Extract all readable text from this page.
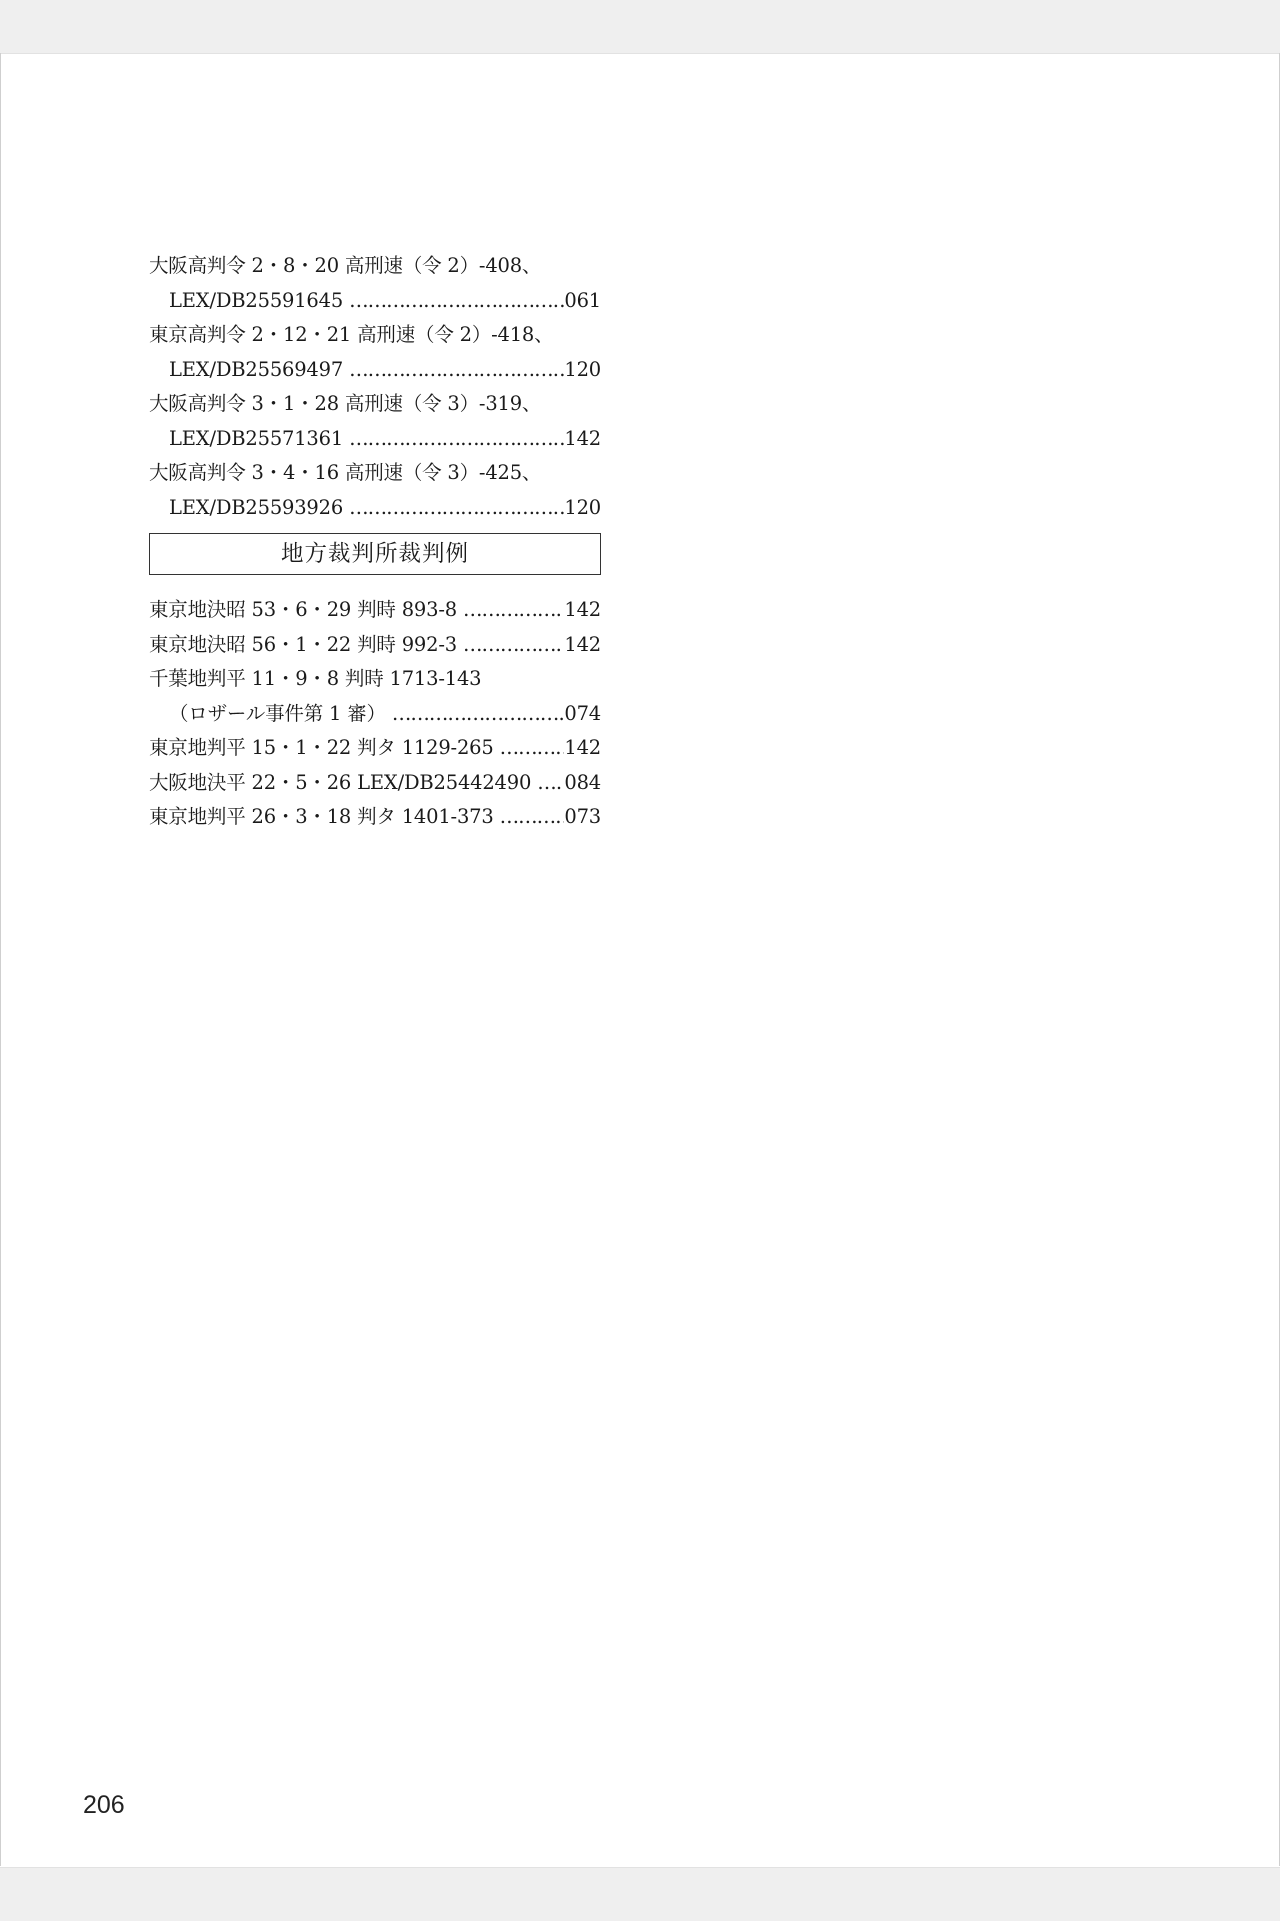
大阪高判令 2・8・20 高刑速（令 2）-408、
LEX/DB25591645 ……………………………………………………………………………………	061
東京高判令 2・12・21 高刑速（令 2）-418、
LEX/DB25569497 ……………………………………………………………………………………	120
大阪高判令 3・1・28 高刑速（令 3）-319、
LEX/DB25571361 ……………………………………………………………………………………	142
大阪高判令 3・4・16 高刑速（令 3）-425、
LEX/DB25593926 ……………………………………………………………………………………	120
地方裁判所裁判例
東京地決昭 53・6・29 判時 893-8 ……………………………………………………………………………………	142
東京地決昭 56・1・22 判時 992-3 ……………………………………………………………………………………	142
千葉地判平 11・9・8 判時 1713-143
（ロザール事件第 1 審） ……………………………………………………………………………………	074
東京地判平 15・1・22 判タ 1129-265 ……………………………………………………………………………………	142
大阪地決平 22・5・26 LEX/DB25442490 …………………………………………………………………………………… 084
東京地判平 26・3・18 判タ 1401-373 ……………………………………………………………………………………	073
206
